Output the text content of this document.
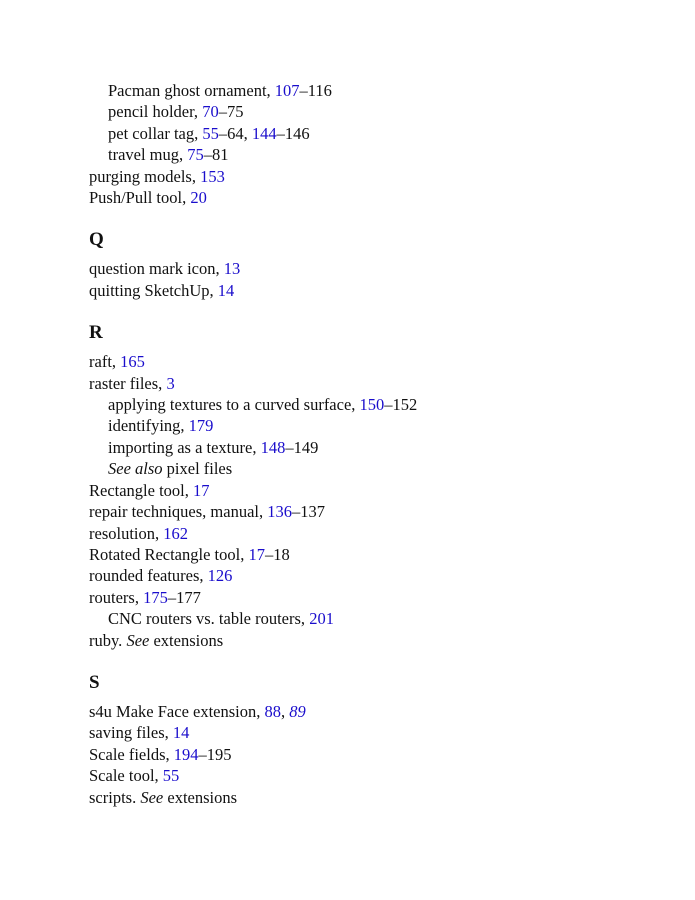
Pacman ghost ornament, 107–116
pencil holder, 70–75
pet collar tag, 55–64, 144–146
travel mug, 75–81
purging models, 153
Push/Pull tool, 20
Q
question mark icon, 13
quitting SketchUp, 14
R
raft, 165
raster files, 3
applying textures to a curved surface, 150–152
identifying, 179
importing as a texture, 148–149
See also pixel files
Rectangle tool, 17
repair techniques, manual, 136–137
resolution, 162
Rotated Rectangle tool, 17–18
rounded features, 126
routers, 175–177
CNC routers vs. table routers, 201
ruby. See extensions
S
s4u Make Face extension, 88, 89
saving files, 14
Scale fields, 194–195
Scale tool, 55
scripts. See extensions
